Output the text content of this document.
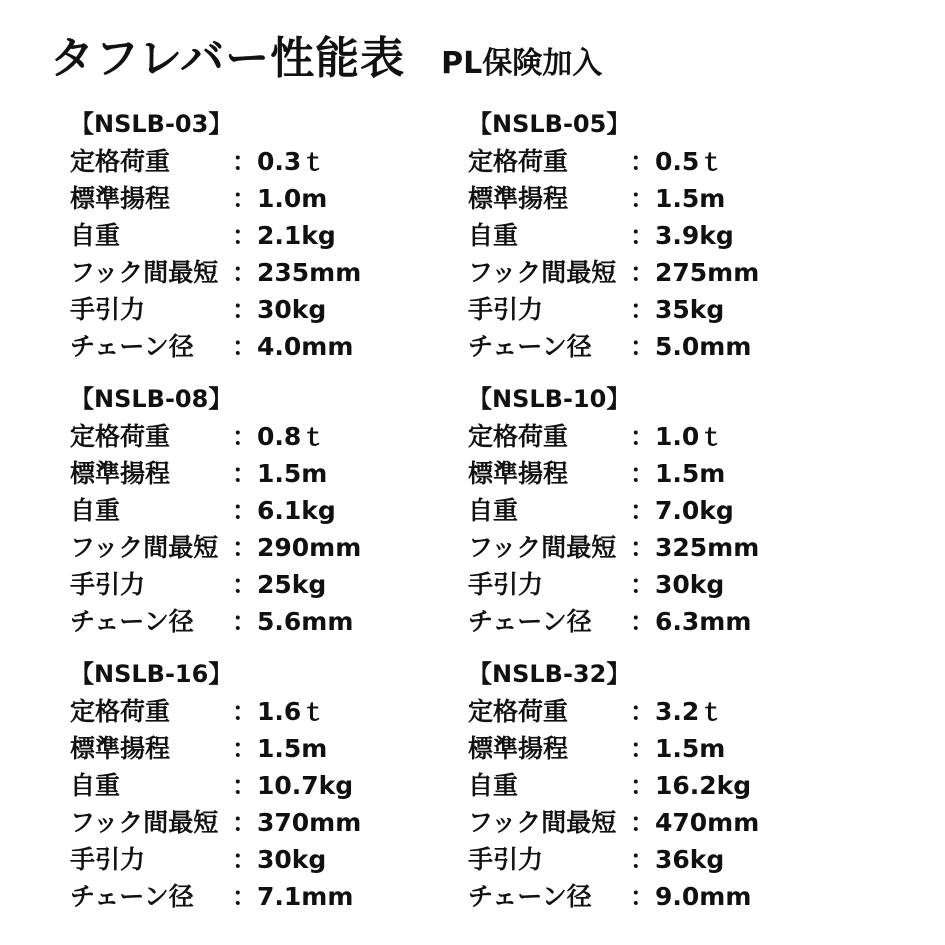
タフレバー性能表 PL保険加入
【NSLB-03】
定格荷重	：0.3ｔ
標準揚程	：1.0m
自重	：2.1kg
フック間最短 ：235mm
手引力	：30kg
チェーン径	：4.0mm
【NSLB-05】
定格荷重	：0.5ｔ
標準揚程	：1.5m
自重	：3.9kg
フック間最短 ：275mm
手引力	：35kg
チェーン径	：5.0mm
【NSLB-08】
定格荷重	：0.8ｔ
標準揚程	：1.5m
自重	：6.1kg
フック間最短 ：290mm
手引力	：25kg
チェーン径	：5.6mm
【NSLB-10】
定格荷重	：1.0ｔ
標準揚程	：1.5m
自重	：7.0kg
フック間最短 ：325mm
手引力	：30kg
チェーン径	：6.3mm
【NSLB-16】
定格荷重	：1.6ｔ
標準揚程	：1.5m
自重	：10.7kg
フック間最短 ：370mm
手引力	：30kg
チェーン径	：7.1mm
【NSLB-32】
定格荷重	：3.2ｔ
標準揚程	：1.5m
自重	：16.2kg
フック間最短 ：470mm
手引力	：36kg
チェーン径	：9.0mm
